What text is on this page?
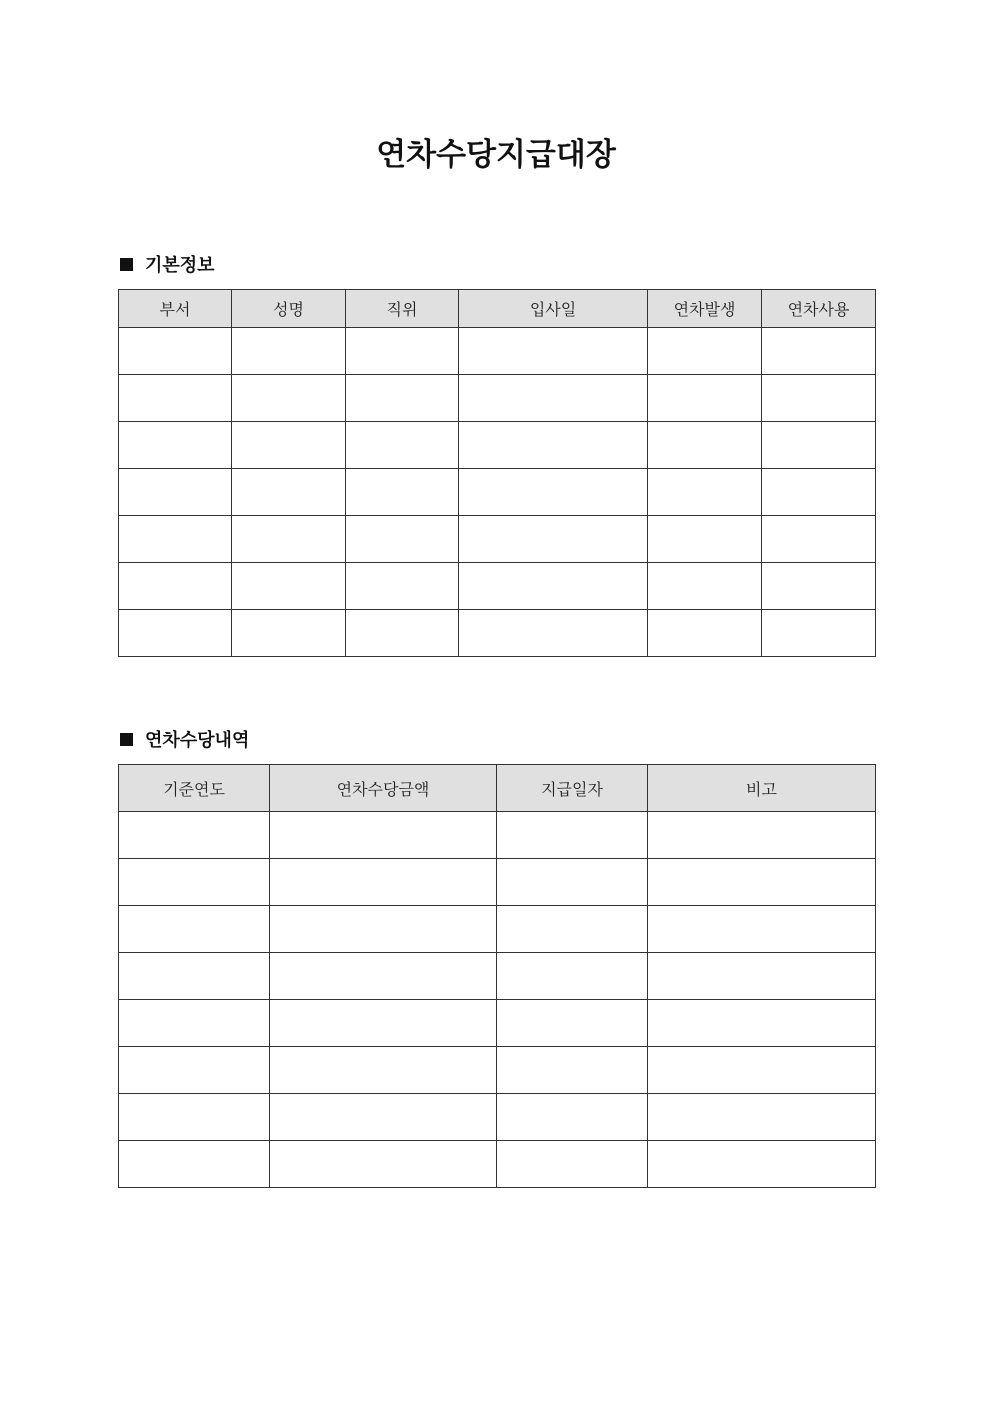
연차수당지급대장
기본정보
부서	성명	직위	입사일	연차발생	연차사용

연차수당내역
기준연도	연차수당금액	지급일자	비고
